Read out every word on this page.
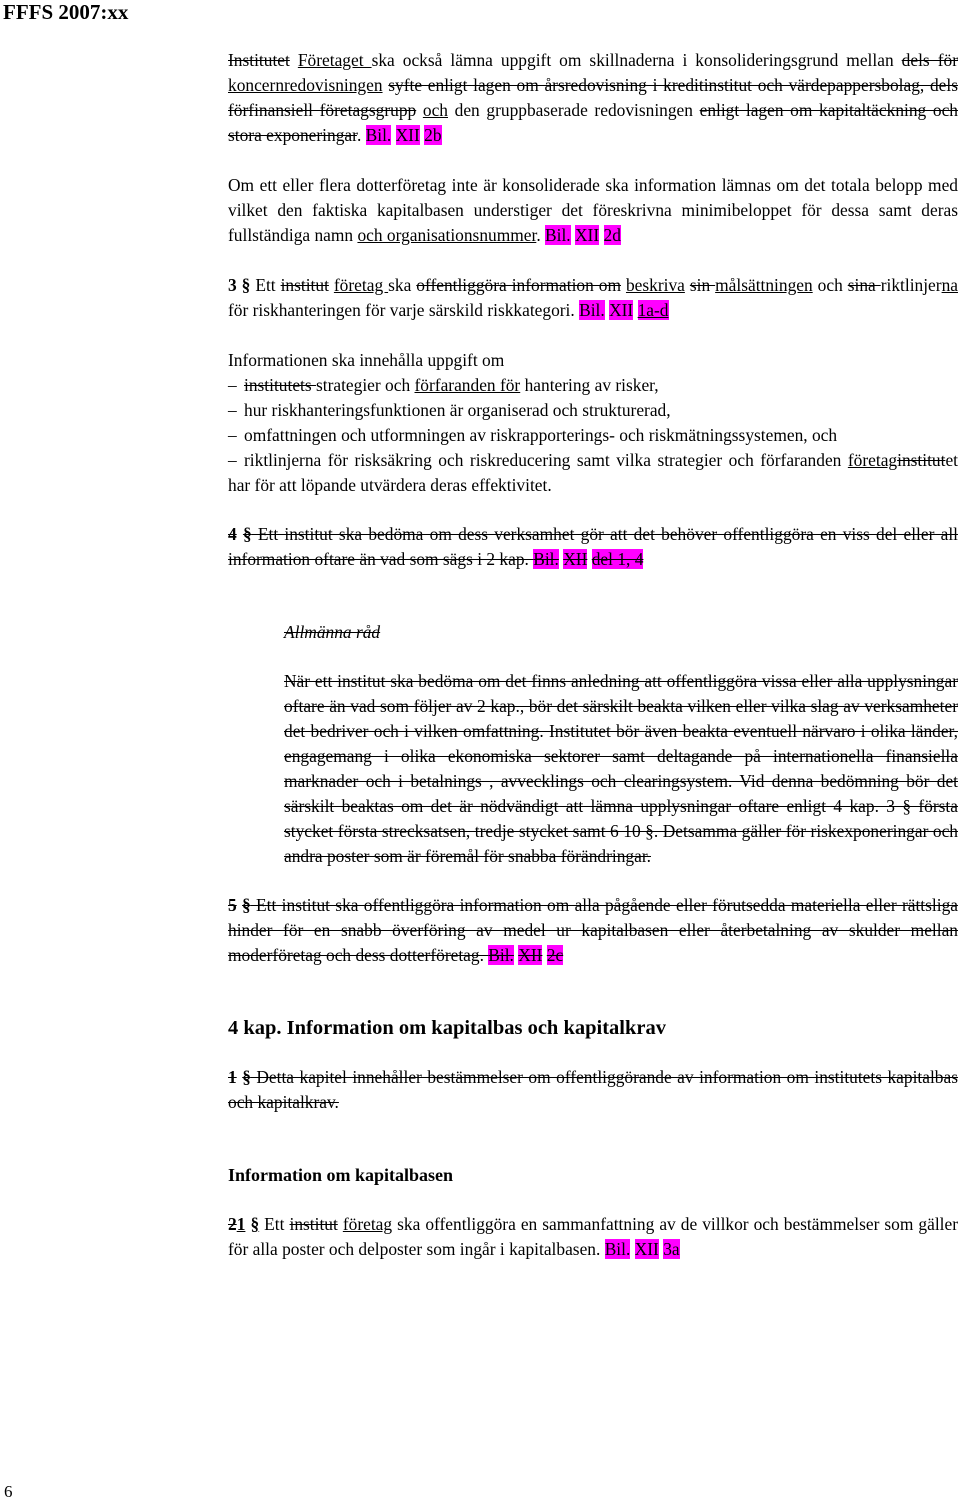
FFFS 2007:xx

Institutet Företaget ska också lämna uppgift om skillnaderna i konsolideringsgrund mellan dels för koncernredovisningen syfte enligt lagen om årsredovisning i kreditinstitut och värdepappersbolag, dels förfinansiell företagsgrupp och den gruppbaserade redovisningen enligt lagen om kapitaltäckning och stora exponeringar. Bil. XII 2b

Om ett eller flera dotterföretag inte är konsoliderade ska information lämnas om det totala belopp med vilket den faktiska kapitalbasen understiger det föreskrivna minimibeloppet för dessa samt deras fullständiga namn och organisationsnummer. Bil. XII 2d

3 § Ett institut företag ska offentliggöra information om beskriva sin målsättningen och sina riktlinjerna för riskhanteringen för varje särskild riskkategori. Bil. XII 1a-d

Informationen ska innehålla uppgift om

– institutets strategier och förfaranden för hantering av risker,

– hur riskhanteringsfunktionen är organiserad och strukturerad,

– omfattningen och utformningen av riskrapporterings- och riskmätningssystemen, och

– riktlinjerna för risksäkring och riskreducering samt vilka strategier och förfaranden företaginstitutet har för att löpande utvärdera deras effektivitet.

4 § Ett institut ska bedöma om dess verksamhet gör att det behöver offentliggöra en viss del eller all information oftare än vad som sägs i 2 kap. Bil. XII del 1, 4

Allmänna råd

När ett institut ska bedöma om det finns anledning att offentliggöra vissa eller alla upplysningar oftare än vad som följer av 2 kap., bör det särskilt beakta vilken eller vilka slag av verksamheter det bedriver och i vilken omfattning. Institutet bör även beakta eventuell närvaro i olika länder, engagemang i olika ekonomiska sektorer samt deltagande på internationella finansiella marknader och i betalnings , avvecklings och clearingsystem. Vid denna bedömning bör det särskilt beaktas om det är nödvändigt att lämna upplysningar oftare enligt 4 kap. 3 § första stycket första strecksatsen, tredje stycket samt 6 10 §. Detsamma gäller för riskexponeringar och andra poster som är föremål för snabba förändringar.

5 § Ett institut ska offentliggöra information om alla pågående eller förutsedda materiella eller rättsliga hinder för en snabb överföring av medel ur kapitalbasen eller återbetalning av skulder mellan moderföretag och dess dotterföretag. Bil. XII 2c

4 kap. Information om kapitalbas och kapitalkrav

1 § Detta kapitel innehåller bestämmelser om offentliggörande av information om institutets kapitalbas och kapitalkrav.

Information om kapitalbasen

21 § Ett institut företag ska offentliggöra en sammanfattning av de villkor och bestämmelser som gäller för alla poster och delposter som ingår i kapitalbasen. Bil. XII 3a

6
